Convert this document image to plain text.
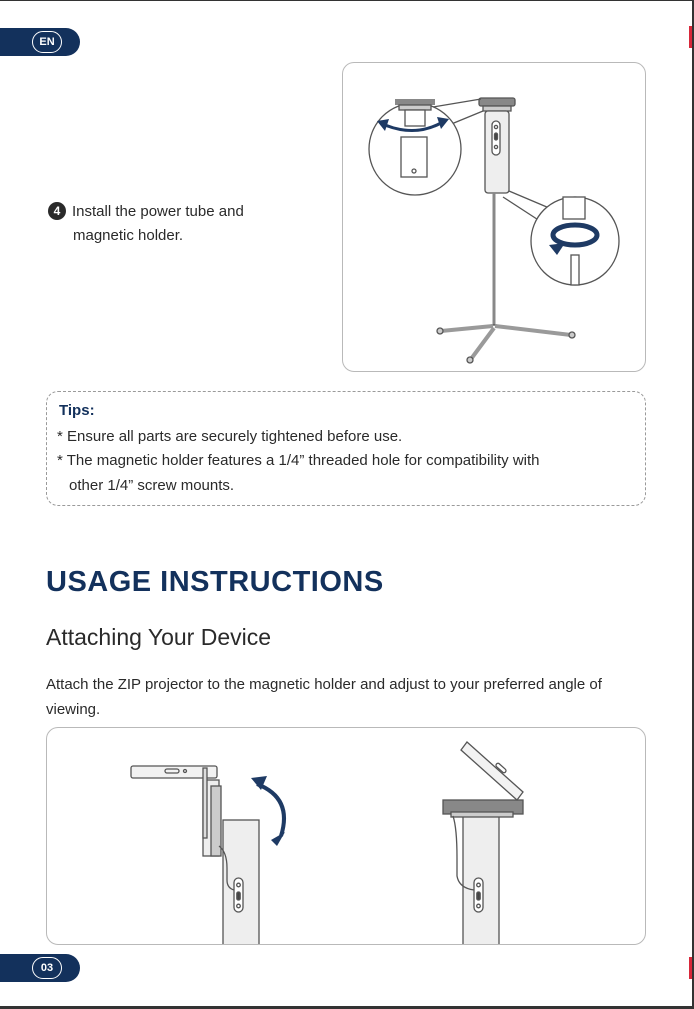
EN
4 Install the power tube and
magnetic holder.
Tips:
* Ensure all parts are securely tightened before use.
* The magnetic holder features a 1/4” threaded hole for compatibility with
other 1/4” screw mounts.
USAGE INSTRUCTIONS
Attaching Your Device
Attach the ZIP projector to the magnetic holder and adjust to your preferred angle of viewing.
03
